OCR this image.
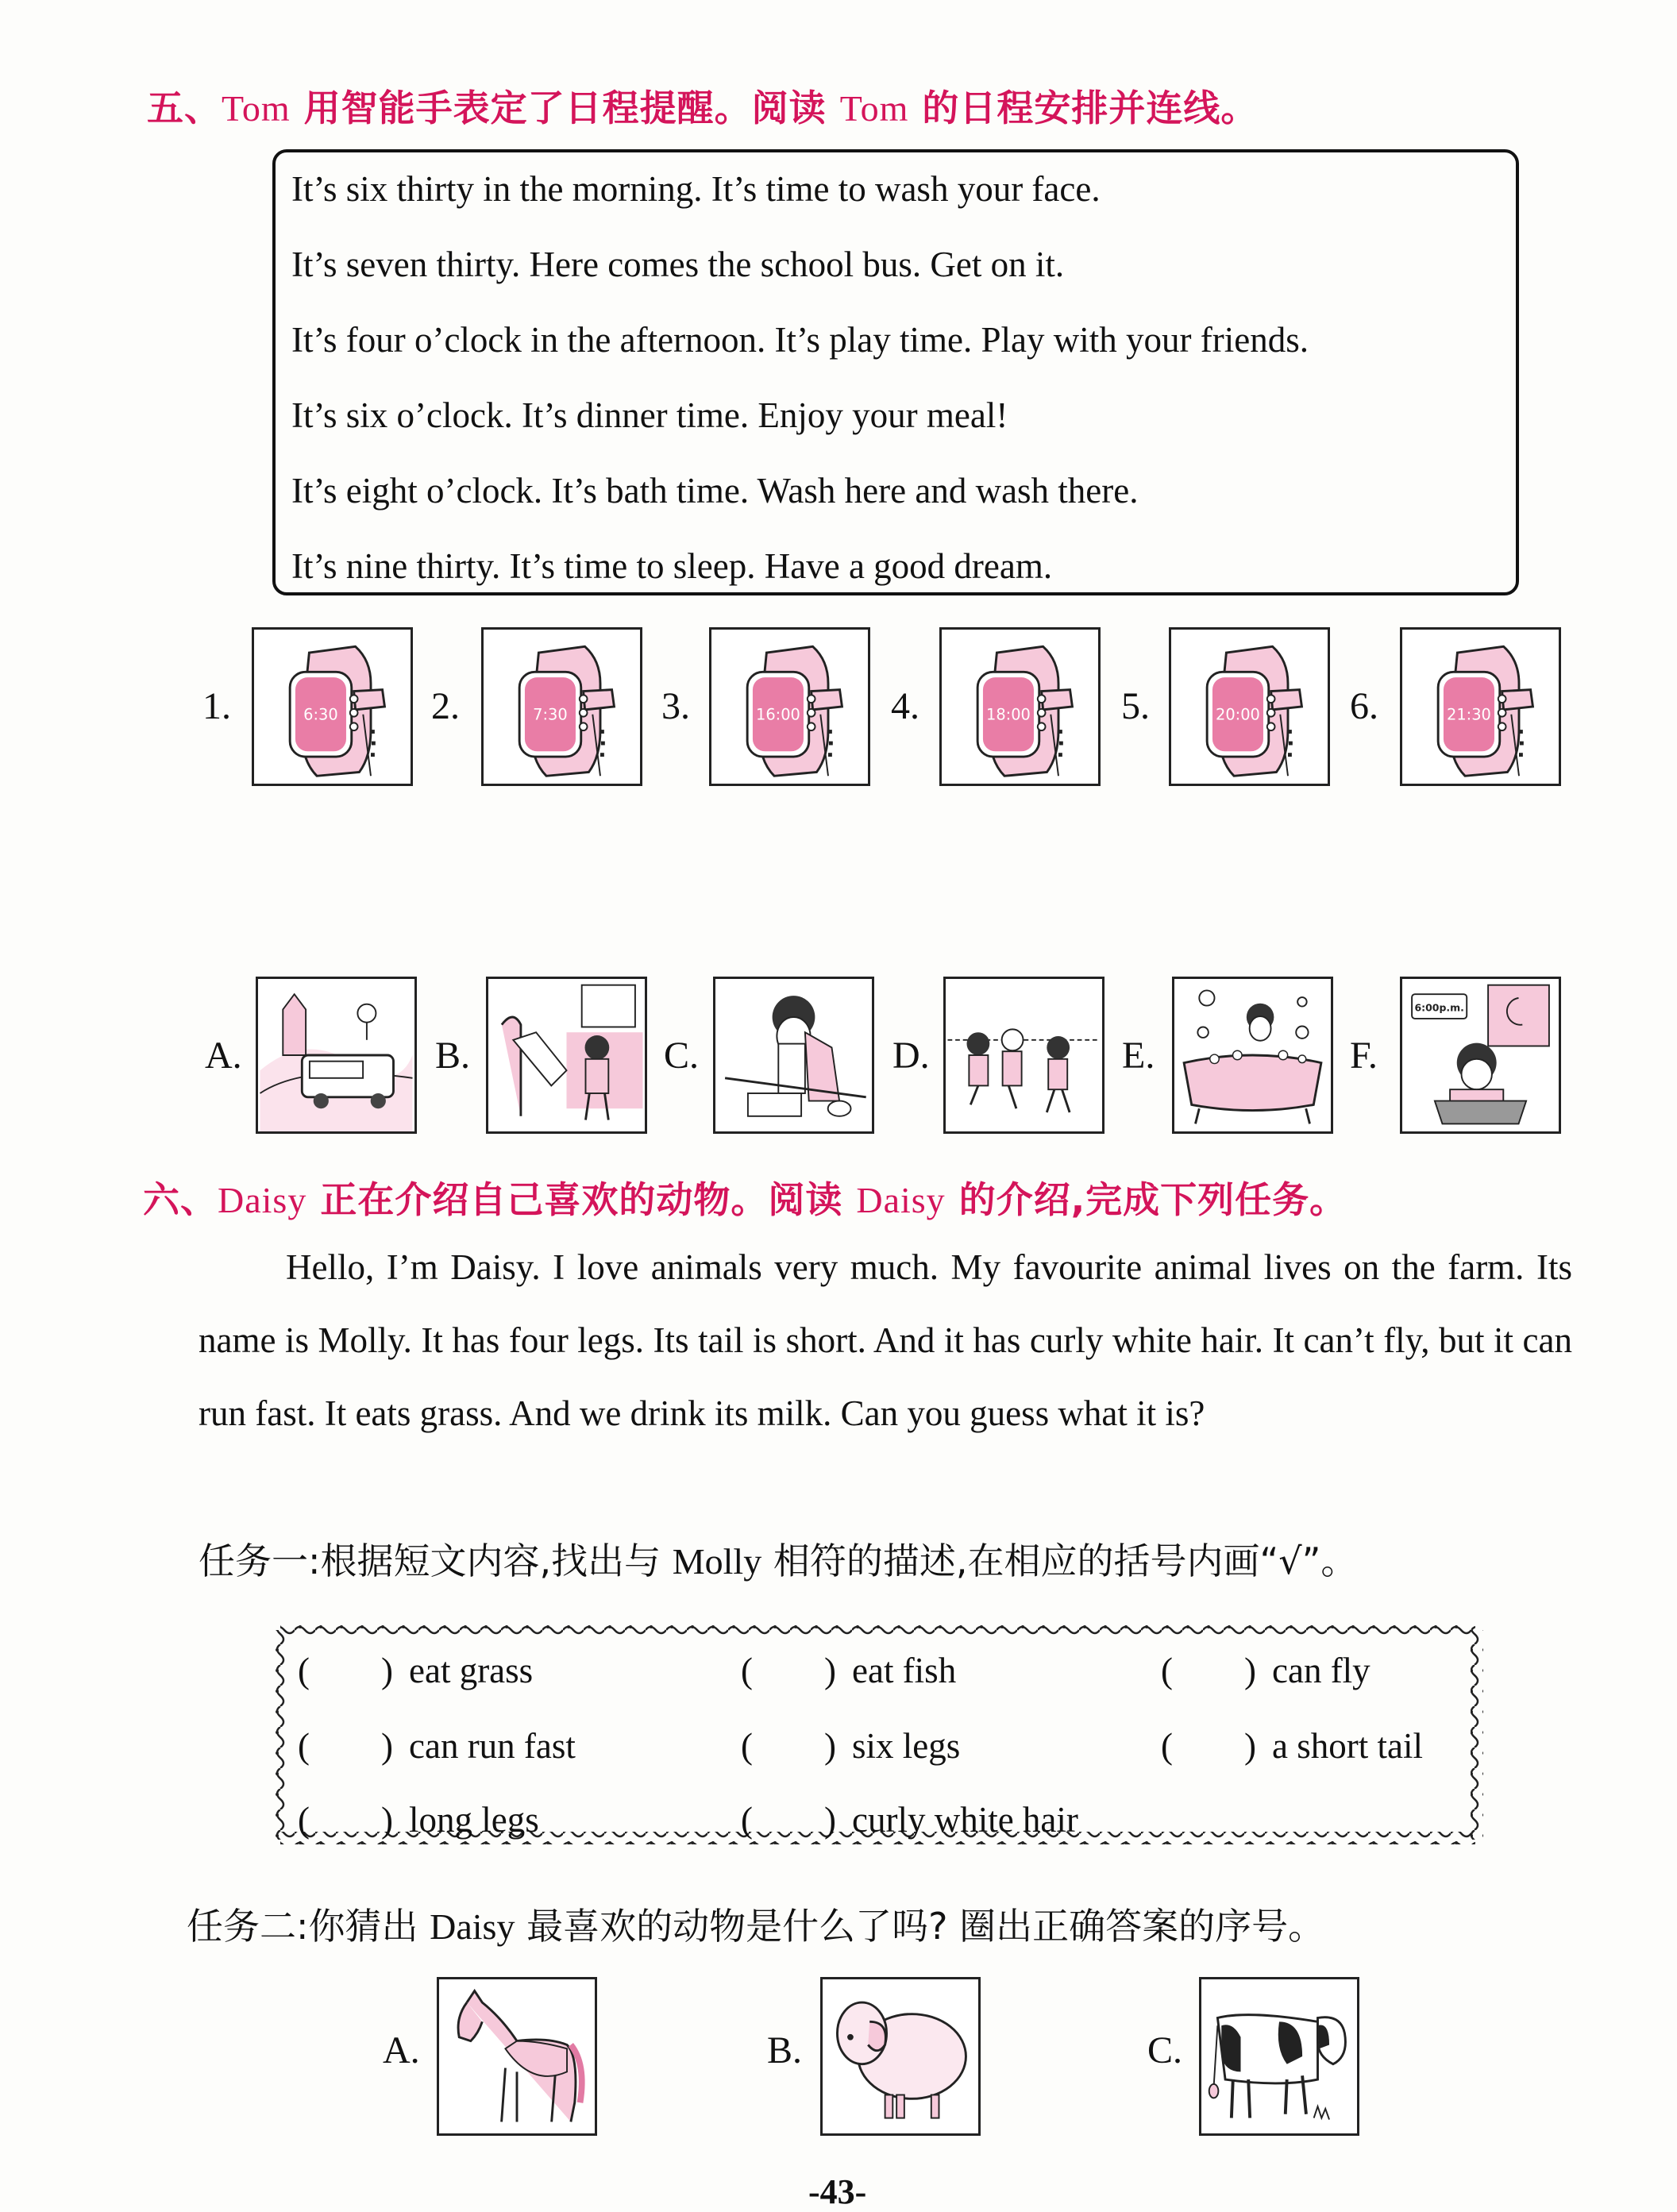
五、Tom 用智能手表定了日程提醒。阅读 Tom 的日程安排并连线。
It’s six thirty in the morning. It’s time to wash your face.
It’s seven thirty. Here comes the school bus. Get on it.
It’s four o’clock in the afternoon. It’s play time. Play with your friends.
It’s six o’clock. It’s dinner time. Enjoy your meal!
It’s eight o’clock. It’s bath time. Wash here and wash there.
It’s nine thirty. It’s time to sleep. Have a good dream.
1.	6:30 2.	7:30 3.	16:00 4.	18:00 5.	20:00 6.	21:30
A.	B.	C.	D.	E.	F.
6:00p.m.
六、Daisy 正在介绍自己喜欢的动物。阅读 Daisy 的介绍,完成下列任务。
Hello, I’m Daisy. I love animals very much. My favourite animal lives on the farm. Its name is Molly. It has four legs. Its tail is short. And it has curly white hair. It can’t fly, but it can run fast. It eats grass. And we drink its milk. Can you guess what it is?
任务一:根据短文内容,找出与 Molly 相符的描述,在相应的括号内画“√”。
(　　) eat grass	(　　) eat fish	(　　) can fly
(　　) can run fast	(　　) six legs	(　　) a short tail
(　　) long legs	(　　) curly white hair
任务二:你猜出 Daisy 最喜欢的动物是什么了吗? 圈出正确答案的序号。
A.	B.	C.
-43-
